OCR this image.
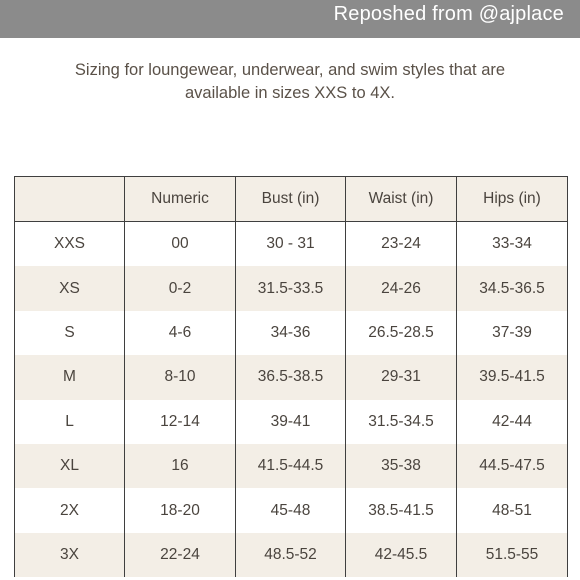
Reposhed from @ajplace
Sizing for loungewear, underwear, and swim styles that are
available in sizes XXS to 4X.
	Numeric	Bust (in)	Waist (in)	Hips (in)
XXS	00	30 - 31	23-24	33-34
XS	0-2	31.5-33.5	24-26	34.5-36.5
S	4-6	34-36	26.5-28.5	37-39
M	8-10	36.5-38.5	29-31	39.5-41.5
L	12-14	39-41	31.5-34.5	42-44
XL	16	41.5-44.5	35-38	44.5-47.5
2X	18-20	45-48	38.5-41.5	48-51
3X	22-24	48.5-52	42-45.5	51.5-55
